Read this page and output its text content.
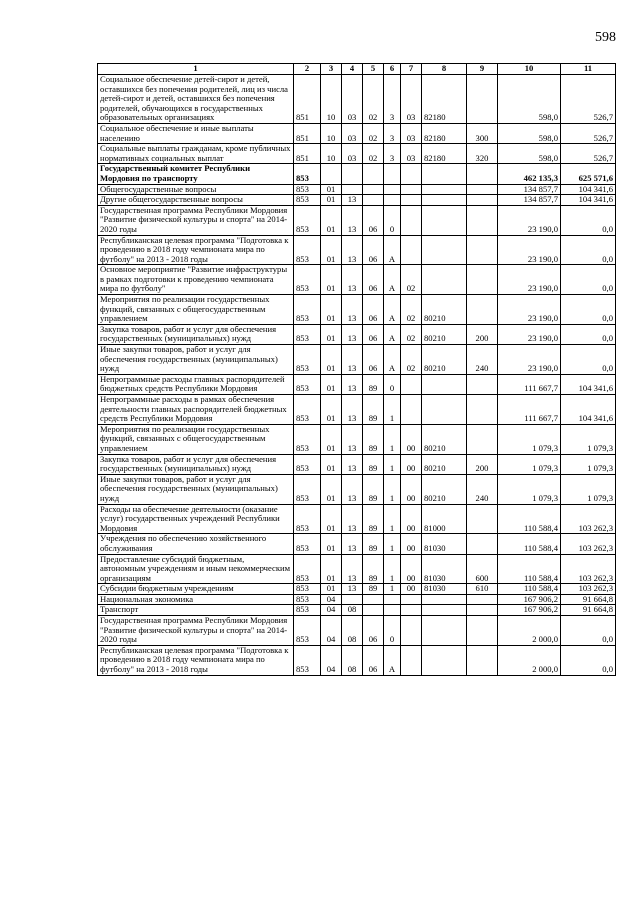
598
1	2	3	4	5	6	7	8	9	10	11
Социальное обеспечение детей-сирот и детей, оставшихся без попечения родителей, лиц из числа детей-сирот и детей, оставшихся без попечения родителей, обучающихся в государственных образовательных организациях	851	10	03	02	3	03	82180		598,0	526,7
Социальное обеспечение и иные выплаты населению	851	10	03	02	3	03	82180	300	598,0	526,7
Социальные выплаты гражданам, кроме публичных нормативных социальных выплат	851	10	03	02	3	03	82180	320	598,0	526,7
Государственный комитет Республики Мордовия по транспорту	853								462 135,3	625 571,6
Общегосударственные вопросы	853	01							134 857,7	104 341,6
Другие общегосударственные вопросы	853	01	13						134 857,7	104 341,6
Государственная программа Республики Мордовия "Развитие физической культуры и спорта" на 2014-2020 годы	853	01	13	06	0				23 190,0	0,0
Республиканская целевая программа "Подготовка к проведению в 2018 году чемпионата мира по футболу" на 2013 - 2018 годы	853	01	13	06	А				23 190,0	0,0
Основное мероприятие "Развитие инфраструктуры в рамках подготовки к проведению чемпионата мира по футболу"	853	01	13	06	А	02			23 190,0	0,0
Мероприятия по реализации государственных функций, связанных с общегосударственным управлением	853	01	13	06	А	02	80210		23 190,0	0,0
Закупка товаров, работ и услуг для обеспечения государственных (муниципальных) нужд	853	01	13	06	А	02	80210	200	23 190,0	0,0
Иные закупки товаров, работ и услуг для обеспечения государственных (муниципальных) нужд	853	01	13	06	А	02	80210	240	23 190,0	0,0
Непрограммные расходы главных распорядителей бюджетных средств Республики Мордовия	853	01	13	89	0				111 667,7	104 341,6
Непрограммные расходы в рамках обеспечения деятельности главных распорядителей бюджетных средств Республики Мордовия	853	01	13	89	1				111 667,7	104 341,6
Мероприятия по реализации государственных функций, связанных с общегосударственным управлением	853	01	13	89	1	00	80210		1 079,3	1 079,3
Закупка товаров, работ и услуг для обеспечения государственных (муниципальных) нужд	853	01	13	89	1	00	80210	200	1 079,3	1 079,3
Иные закупки товаров, работ и услуг для обеспечения государственных (муниципальных) нужд	853	01	13	89	1	00	80210	240	1 079,3	1 079,3
Расходы на обеспечение деятельности (оказание услуг) государственных учреждений Республики Мордовия	853	01	13	89	1	00	81000		110 588,4	103 262,3
Учреждения по обеспечению хозяйственного обслуживания	853	01	13	89	1	00	81030		110 588,4	103 262,3
Предоставление субсидий бюджетным, автономным учреждениям и иным некоммерческим организациям	853	01	13	89	1	00	81030	600	110 588,4	103 262,3
Субсидии бюджетным учреждениям	853	01	13	89	1	00	81030	610	110 588,4	103 262,3
Национальная экономика	853	04							167 906,2	91 664,8
Транспорт	853	04	08						167 906,2	91 664,8
Государственная программа Республики Мордовия "Развитие физической культуры и спорта" на 2014-2020 годы	853	04	08	06	0				2 000,0	0,0
Республиканская целевая программа "Подготовка к проведению в 2018 году чемпионата мира по футболу" на 2013 - 2018 годы	853	04	08	06	А				2 000,0	0,0
